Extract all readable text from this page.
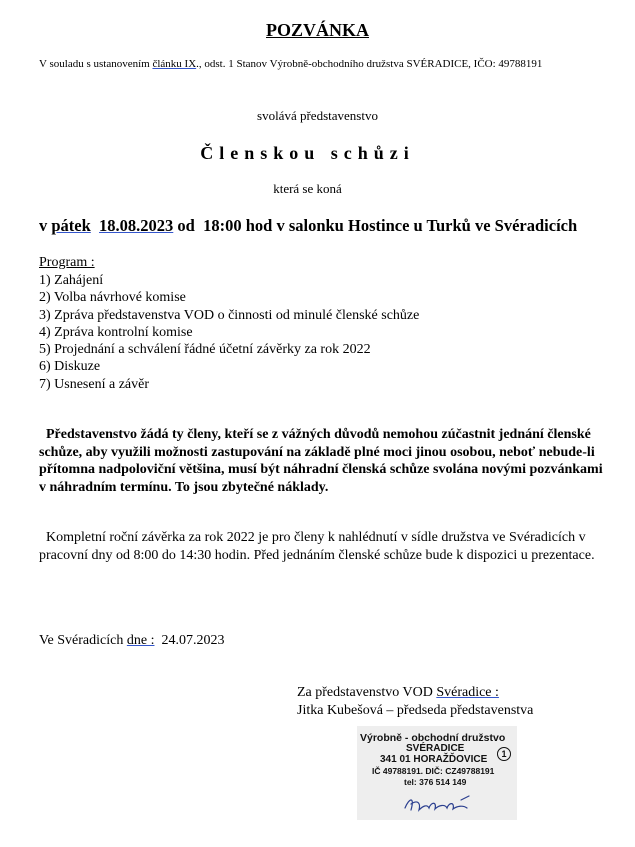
POZVÁNKA
V souladu s ustanovením článku IX., odst. 1 Stanov Výrobně-obchodního družstva SVÉRADICE, IČO: 49788191
svolává představenstvo
Členskou schůzi
která se koná
v pátek 18.08.2023 od  18:00 hod v salonku Hostince u Turků ve Svéradicích
Program :
1) Zahájení
2) Volba návrhové komise
3) Zpráva představenstva VOD o činnosti od minulé členské schůze
4) Zpráva kontrolní komise
5) Projednání a schválení řádné účetní závěrky za rok 2022
6) Diskuze
7) Usnesení a závěr
Představenstvo žádá ty členy, kteří se z vážných důvodů nemohou zúčastnit jednání členské schůze, aby využili možnosti zastupování na základě plné moci jinou osobou, neboť nebude-li přítomna nadpoloviční většina, musí být náhradní členská schůze svolána novými pozvánkami v náhradním termínu. To jsou zbytečné náklady.
Kompletní roční závěrka za rok 2022 je pro členy k nahlédnutí v sídle družstva ve Svéradicích v pracovní dny od 8:00 do 14:30 hodin. Před jednáním členské schůze bude k dispozici u prezentace.
Ve Svéradicích dne :  24.07.2023
Za představenstvo VOD Svéradice :
Jitka Kubešová – předseda představenstva
Výrobně - obchodní družstvo
SVÉRADICE	1
341 01 HORAŽĎOVICE
IČ 49788191. DIČ: CZ49788191
tel: 376 514 149
